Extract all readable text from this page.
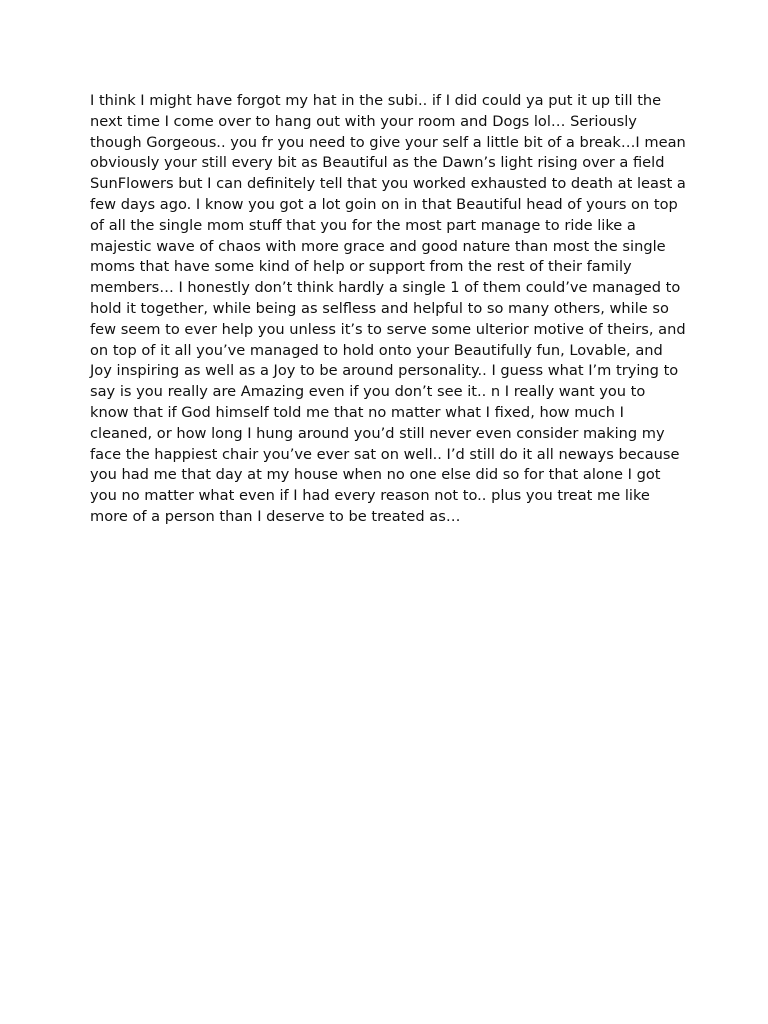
I think I might have forgot my hat in the subi.. if I did could ya put it up till the next time I come over to hang out with your room and Dogs lol… Seriously though Gorgeous.. you fr you need to give your self a little bit of a break…I mean obviously your still every bit as Beautiful as the Dawn’s light rising over a field SunFlowers but I can definitely tell that you worked exhausted to death at least a few days ago. I know you got a lot goin on in that Beautiful head of yours on top of all the single mom stuff that you for the most part manage to ride like a majestic wave of chaos with more grace and good nature than most the single moms that have some kind of help or support from the rest of their family members… I honestly don’t think hardly a single 1 of them could’ve managed to hold it together, while being as selfless and helpful to so many others, while so few seem to ever help you unless it’s to serve some ulterior motive of theirs, and on top of it all you’ve managed to hold onto your Beautifully fun, Lovable, and Joy inspiring as well as a Joy to be around personality.. I guess what I’m trying to say is you really are Amazing even if you don’t see it.. n I really want you to know that if God himself told me that no matter what I fixed, how much I cleaned, or how long I hung around you’d still never even consider making my face the happiest chair you’ve ever sat on well.. I’d still do it all neways because you had me that day at my house when no one else did so for that alone I got you no matter what even if I had every reason not to.. plus you treat me like more of a person than I deserve to be treated as…
